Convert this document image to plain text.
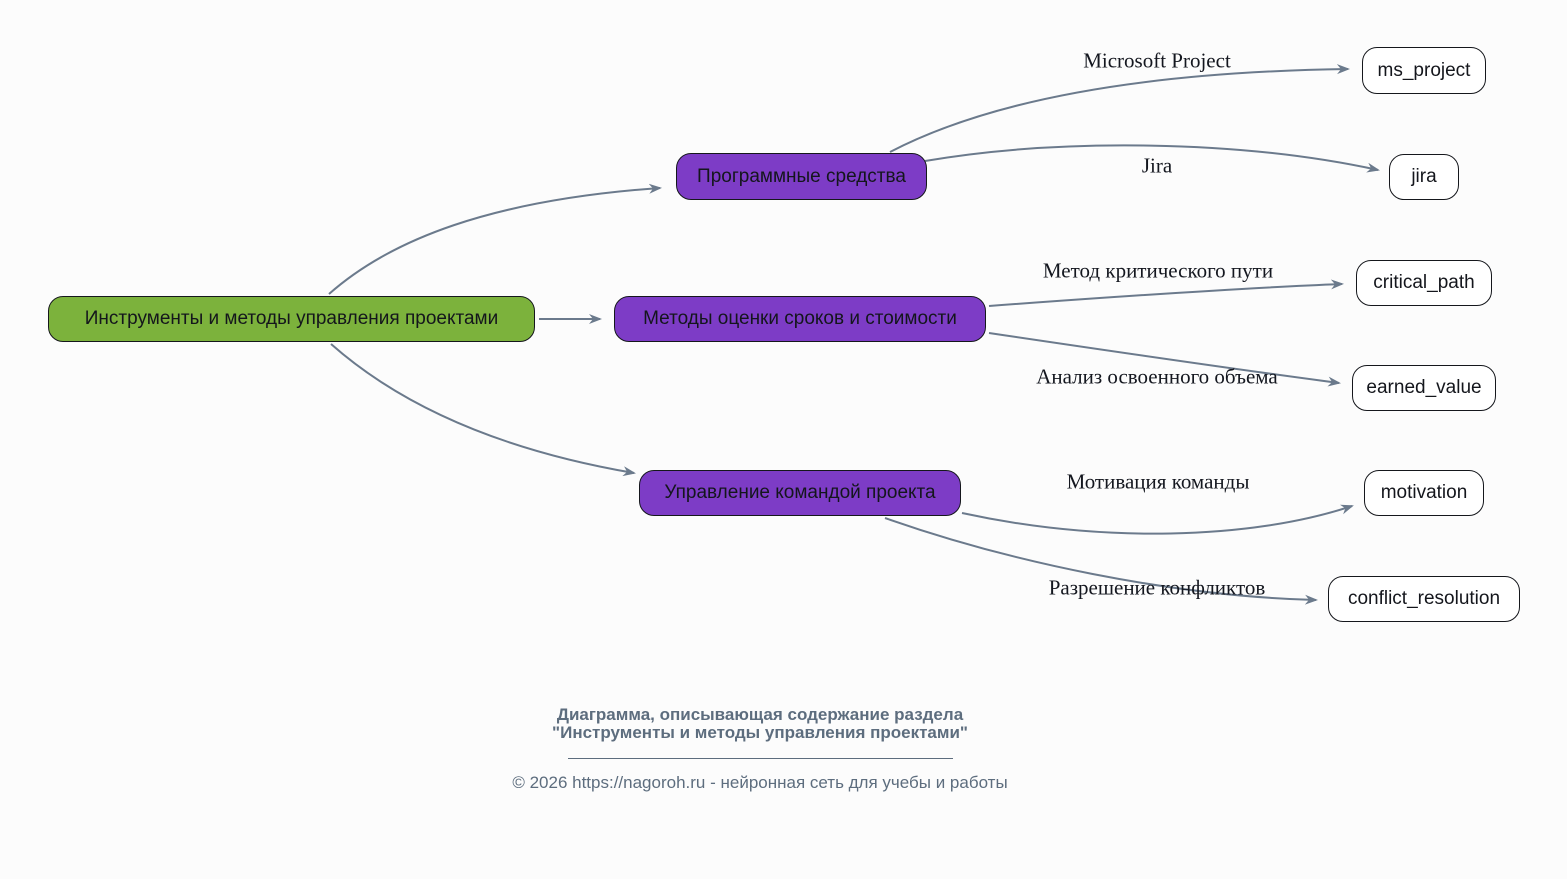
Инструменты и методы управления проектами
Программные средства
Методы оценки сроков и стоимости
Управление командой проекта
ms_project
jira
critical_path
earned_value
motivation
conflict_resolution
Microsoft Project
Jira
Метод критического пути
Анализ освоенного объема
Мотивация команды
Разрешение конфликтов
Диаграмма, описывающая содержание раздела
"Инструменты и методы управления проектами"
© 2026 https://nagoroh.ru - нейронная сеть для учебы и работы
